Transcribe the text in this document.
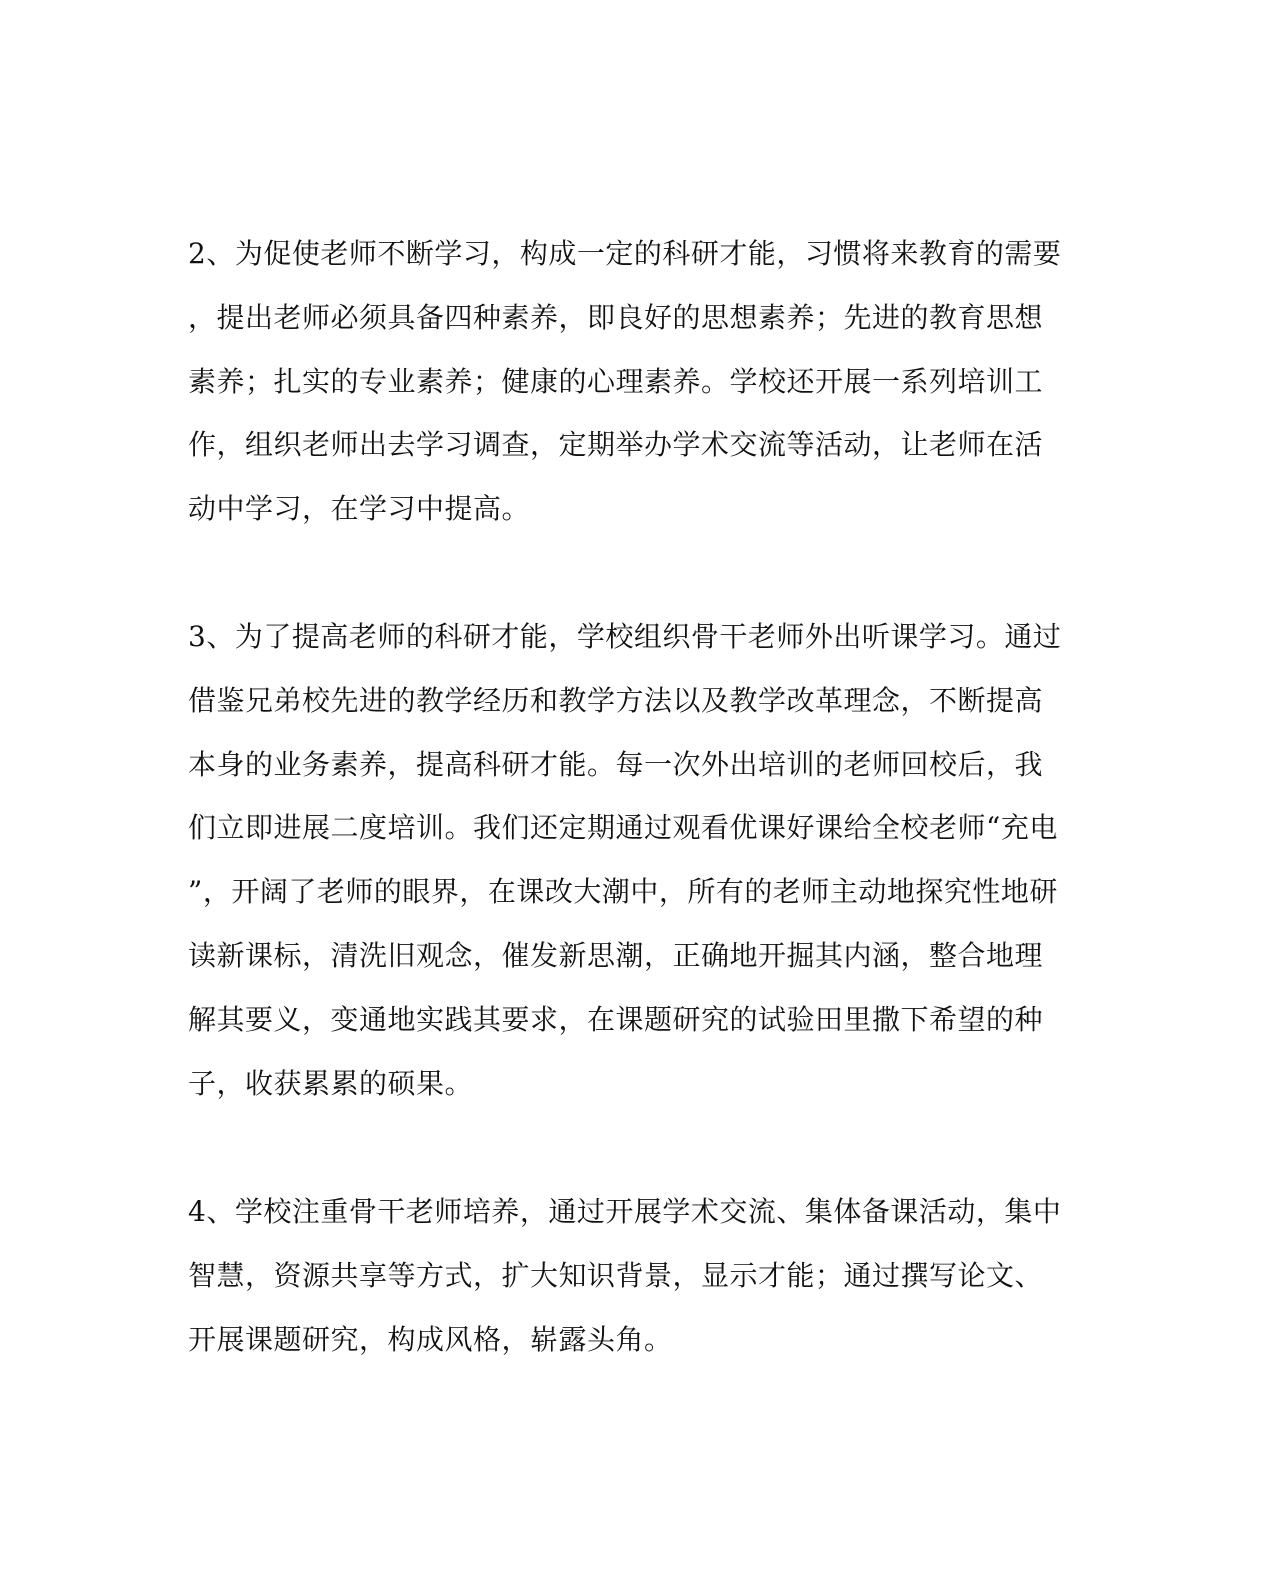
2、为促使老师不断学习，构成一定的科研才能，习惯将来教育的需要
，提出老师必须具备四种素养，即良好的思想素养；先进的教育思想
素养；扎实的专业素养；健康的心理素养。学校还开展一系列培训工
作，组织老师出去学习调查，定期举办学术交流等活动，让老师在活
动中学习，在学习中提高。

3、为了提高老师的科研才能，学校组织骨干老师外出听课学习。通过
借鉴兄弟校先进的教学经历和教学方法以及教学改革理念，不断提高
本身的业务素养，提高科研才能。每一次外出培训的老师回校后，我
们立即进展二度培训。我们还定期通过观看优课好课给全校老师“充电
”，开阔了老师的眼界，在课改大潮中，所有的老师主动地探究性地研
读新课标，清洗旧观念，催发新思潮，正确地开掘其内涵，整合地理
解其要义，变通地实践其要求，在课题研究的试验田里撒下希望的种
子，收获累累的硕果。

4、学校注重骨干老师培养，通过开展学术交流、集体备课活动，集中
智慧，资源共享等方式，扩大知识背景，显示才能；通过撰写论文、
开展课题研究，构成风格，崭露头角。
